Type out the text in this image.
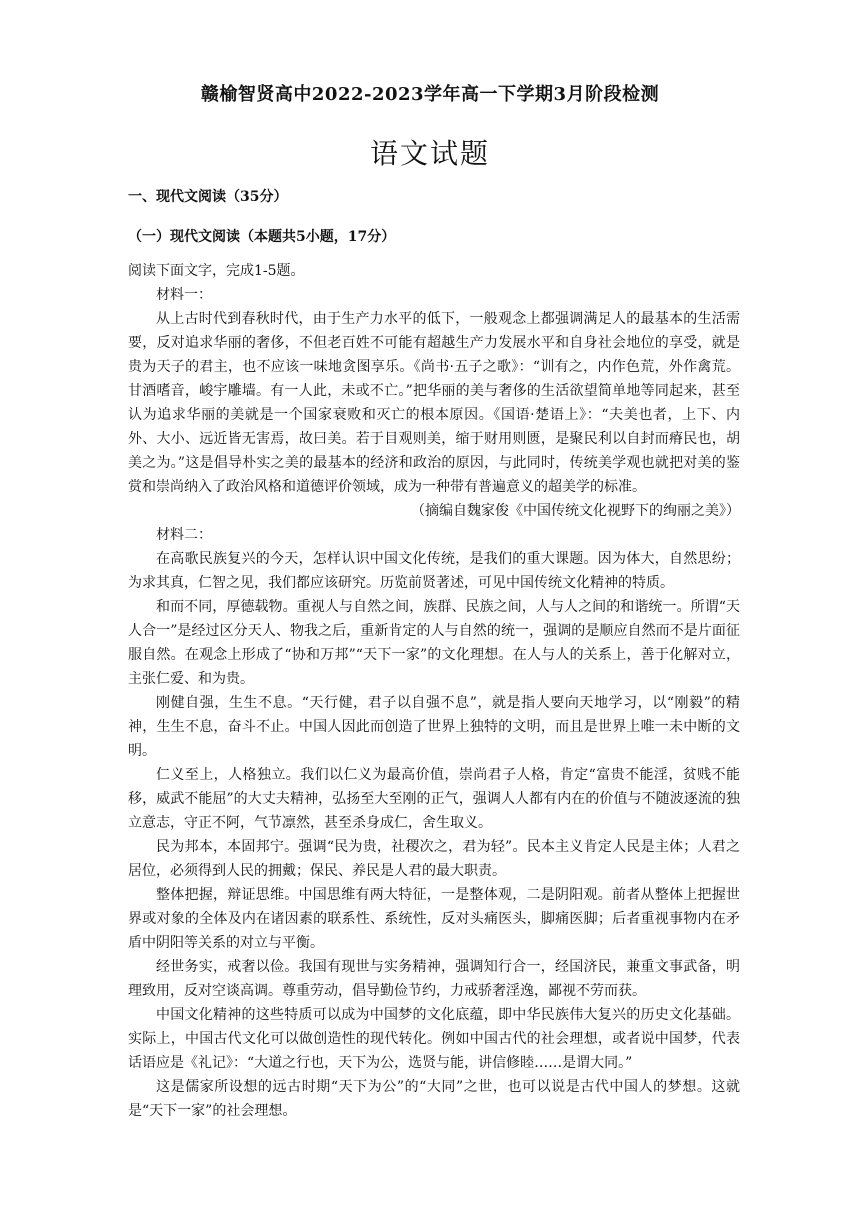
赣榆智贤高中2022-2023学年高一下学期3月阶段检测
语文试题
一、现代文阅读（35分）
（一）现代文阅读（本题共5小题，17分）

阅读下面文字，完成1-5题。

材料一：

从上古时代到春秋时代，由于生产力水平的低下，一般观念上都强调满足人的最基本的生活需要，反对追求华丽的奢侈，不但老百姓不可能有超越生产力发展水平和自身社会地位的享受，就是贵为天子的君主，也不应该一味地贪图享乐。《尚书·五子之歌》：“训有之，内作色荒，外作禽荒。甘酒嗜音，峻宇雕墙。有一人此，未或不亡。”把华丽的美与奢侈的生活欲望简单地等同起来，甚至认为追求华丽的美就是一个国家衰败和灭亡的根本原因。《国语·楚语上》：“夫美也者，上下、内外、大小、远近皆无害焉，故曰美。若于目观则美，缩于财用则匮，是聚民利以自封而瘠民也，胡美之为。”这是倡导朴实之美的最基本的经济和政治的原因，与此同时，传统美学观也就把对美的鉴赏和崇尚纳入了政治风格和道德评价领域，成为一种带有普遍意义的超美学的标准。

（摘编自魏家俊《中国传统文化视野下的绚丽之美》）

材料二：

在高歌民族复兴的今天，怎样认识中国文化传统，是我们的重大课题。因为体大，自然思纷；为求其真，仁智之见，我们都应该研究。历览前贤著述，可见中国传统文化精神的特质。

和而不同，厚德载物。重视人与自然之间，族群、民族之间，人与人之间的和谐统一。所谓“天人合一”是经过区分天人、物我之后，重新肯定的人与自然的统一，强调的是顺应自然而不是片面征服自然。在观念上形成了“协和万邦”“天下一家”的文化理想。在人与人的关系上，善于化解对立，主张仁爱、和为贵。

刚健自强，生生不息。“天行健，君子以自强不息”，就是指人要向天地学习，以“刚毅”的精神，生生不息，奋斗不止。中国人因此而创造了世界上独特的文明，而且是世界上唯一未中断的文明。

仁义至上，人格独立。我们以仁义为最高价值，崇尚君子人格，肯定“富贵不能淫，贫贱不能移，威武不能屈”的大丈夫精神，弘扬至大至刚的正气，强调人人都有内在的价值与不随波逐流的独立意志，守正不阿，气节凛然，甚至杀身成仁，舍生取义。

民为邦本，本固邦宁。强调“民为贵，社稷次之，君为轻”。民本主义肯定人民是主体；人君之居位，必须得到人民的拥戴；保民、养民是人君的最大职责。

整体把握，辩证思维。中国思维有两大特征，一是整体观，二是阴阳观。前者从整体上把握世界或对象的全体及内在诸因素的联系性、系统性，反对头痛医头，脚痛医脚；后者重视事物内在矛盾中阴阳等关系的对立与平衡。

经世务实，戒奢以俭。我国有现世与实务精神，强调知行合一，经国济民，兼重文事武备，明理致用，反对空谈高调。尊重劳动，倡导勤俭节约，力戒骄奢淫逸，鄙视不劳而获。

中国文化精神的这些特质可以成为中国梦的文化底蕴，即中华民族伟大复兴的历史文化基础。实际上，中国古代文化可以做创造性的现代转化。例如中国古代的社会理想，或者说中国梦，代表话语应是《礼记》：“大道之行也，天下为公，选贤与能，讲信修睦……是谓大同。”

这是儒家所设想的远古时期“天下为公”的“大同”之世，也可以说是古代中国人的梦想。这就是“天下一家”的社会理想。
